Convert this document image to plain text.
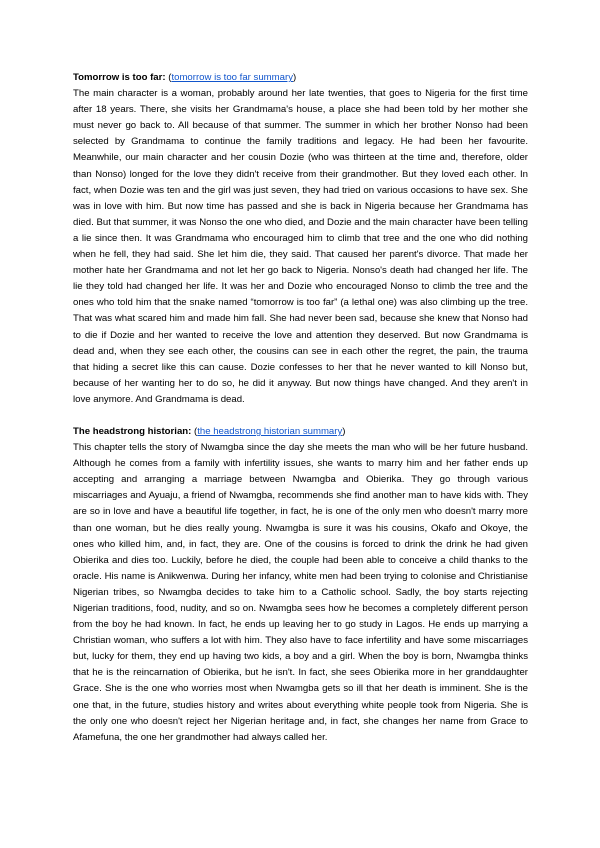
Tomorrow is too far: (tomorrow is too far summary)

The main character is a woman, probably around her late twenties, that goes to Nigeria for the first time after 18 years. There, she visits her Grandmama's house, a place she had been told by her mother she must never go back to. All because of that summer. The summer in which her brother Nonso had been selected by Grandmama to continue the family traditions and legacy. He had been her favourite. Meanwhile, our main character and her cousin Dozie (who was thirteen at the time and, therefore, older than Nonso) longed for the love they didn't receive from their grandmother. But they loved each other. In fact, when Dozie was ten and the girl was just seven, they had tried on various occasions to have sex. She was in love with him. But now time has passed and she is back in Nigeria because her Grandmama has died. But that summer, it was Nonso the one who died, and Dozie and the main character have been telling a lie since then. It was Grandmama who encouraged him to climb that tree and the one who did nothing when he fell, they had said. She let him die, they said. That caused her parent's divorce. That made her mother hate her Grandmama and not let her go back to Nigeria. Nonso's death had changed her life. The lie they told had changed her life. It was her and Dozie who encouraged Nonso to climb the tree and the ones who told him that the snake named “tomorrow is too far” (a lethal one) was also climbing up the tree. That was what scared him and made him fall. She had never been sad, because she knew that Nonso had to die if Dozie and her wanted to receive the love and attention they deserved. But now Grandmama is dead and, when they see each other, the cousins can see in each other the regret, the pain, the trauma that hiding a secret like this can cause. Dozie confesses to her that he never wanted to kill Nonso but, because of her wanting her to do so, he did it anyway. But now things have changed. And they aren't in love anymore. And Grandmama is dead.

The headstrong historian: (the headstrong historian summary)

This chapter tells the story of Nwamgba since the day she meets the man who will be her future husband. Although he comes from a family with infertility issues, she wants to marry him and her father ends up accepting and arranging a marriage between Nwamgba and Obierika. They go through various miscarriages and Ayuaju, a friend of Nwamgba, recommends she find another man to have kids with. They are so in love and have a beautiful life together, in fact, he is one of the only men who doesn't marry more than one woman, but he dies really young. Nwamgba is sure it was his cousins, Okafo and Okoye, the ones who killed him, and, in fact, they are. One of the cousins is forced to drink the drink he had given Obierika and dies too. Luckily, before he died, the couple had been able to conceive a child thanks to the oracle. His name is Anikwenwa. During her infancy, white men had been trying to colonise and Christianise Nigerian tribes, so Nwamgba decides to take him to a Catholic school. Sadly, the boy starts rejecting Nigerian traditions, food, nudity, and so on. Nwamgba sees how he becomes a completely different person from the boy he had known. In fact, he ends up leaving her to go study in Lagos. He ends up marrying a Christian woman, who suffers a lot with him. They also have to face infertility and have some miscarriages but, lucky for them, they end up having two kids, a boy and a girl. When the boy is born, Nwamgba thinks that he is the reincarnation of Obierika, but he isn't. In fact, she sees Obierika more in her granddaughter Grace. She is the one who worries most when Nwamgba gets so ill that her death is imminent. She is the one that, in the future, studies history and writes about everything white people took from Nigeria. She is the only one who doesn't reject her Nigerian heritage and, in fact, she changes her name from Grace to Afamefuna, the one her grandmother had always called her.
